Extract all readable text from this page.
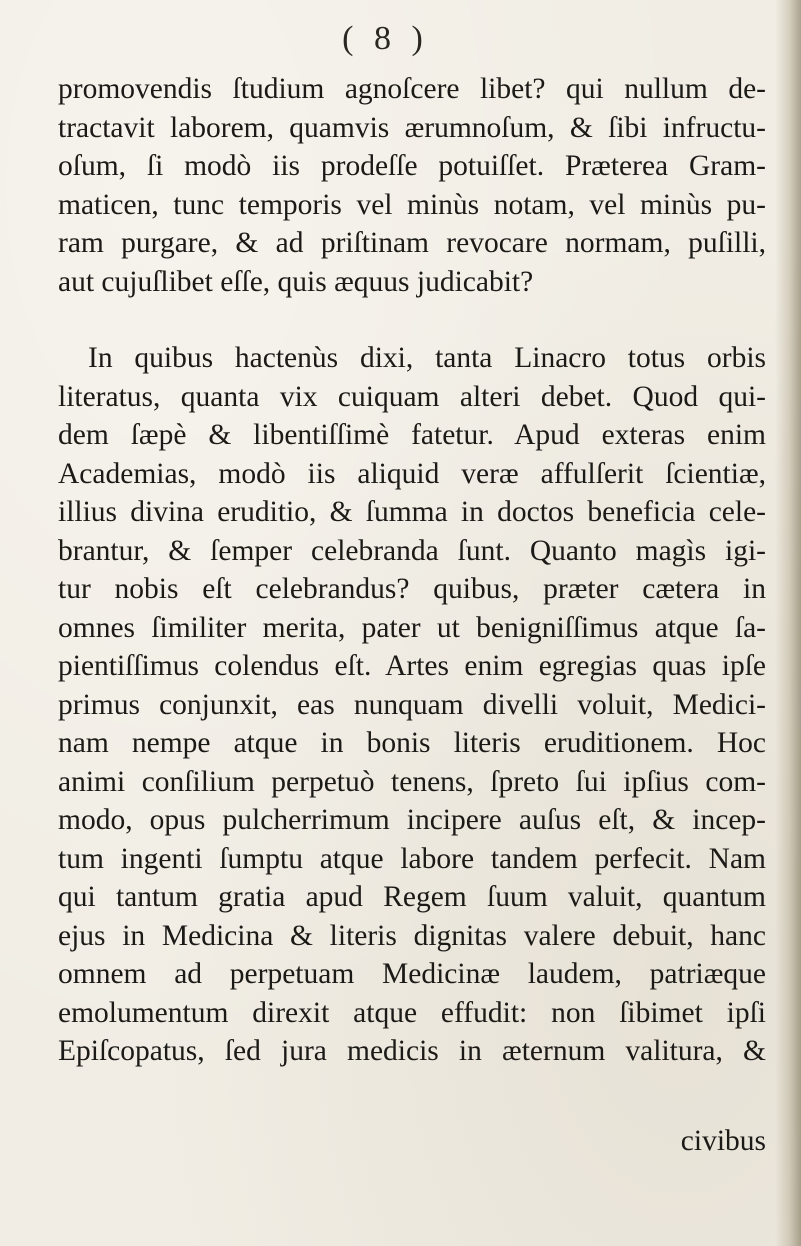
( 8 )
promovendis ſtudium agnoſcere libet? qui nullum de-
tractavit laborem, quamvis ærumnoſum, & ſibi infructu-
oſum, ſi modò iis prodeſſe potuiſſet. Præterea Gram-
maticen, tunc temporis vel minùs notam, vel minùs pu-
ram purgare, & ad priſtinam revocare normam, puſilli,
aut cujuſlibet eſſe, quis æquus judicabit?
In quibus hactenùs dixi, tanta Linacro totus orbis
literatus, quanta vix cuiquam alteri debet. Quod qui-
dem ſæpè & libentiſſimè fatetur. Apud exteras enim
Academias, modò iis aliquid veræ affulſerit ſcientiæ,
illius divina eruditio, & ſumma in doctos beneficia cele-
brantur, & ſemper celebranda ſunt. Quanto magìs igi-
tur nobis eſt celebrandus? quibus, præter cætera in
omnes ſimiliter merita, pater ut benigniſſimus atque ſa-
pientiſſimus colendus eſt. Artes enim egregias quas ipſe
primus conjunxit, eas nunquam divelli voluit, Medici-
nam nempe atque in bonis literis eruditionem. Hoc
animi conſilium perpetuò tenens, ſpreto ſui ipſius com-
modo, opus pulcherrimum incipere auſus eſt, & incep-
tum ingenti ſumptu atque labore tandem perfecit. Nam
qui tantum gratia apud Regem ſuum valuit, quantum
ejus in Medicina & literis dignitas valere debuit, hanc
omnem ad perpetuam Medicinæ laudem, patriæque
emolumentum direxit atque effudit: non ſibimet ipſi
Epiſcopatus, ſed jura medicis in æternum valitura, &
civibus
